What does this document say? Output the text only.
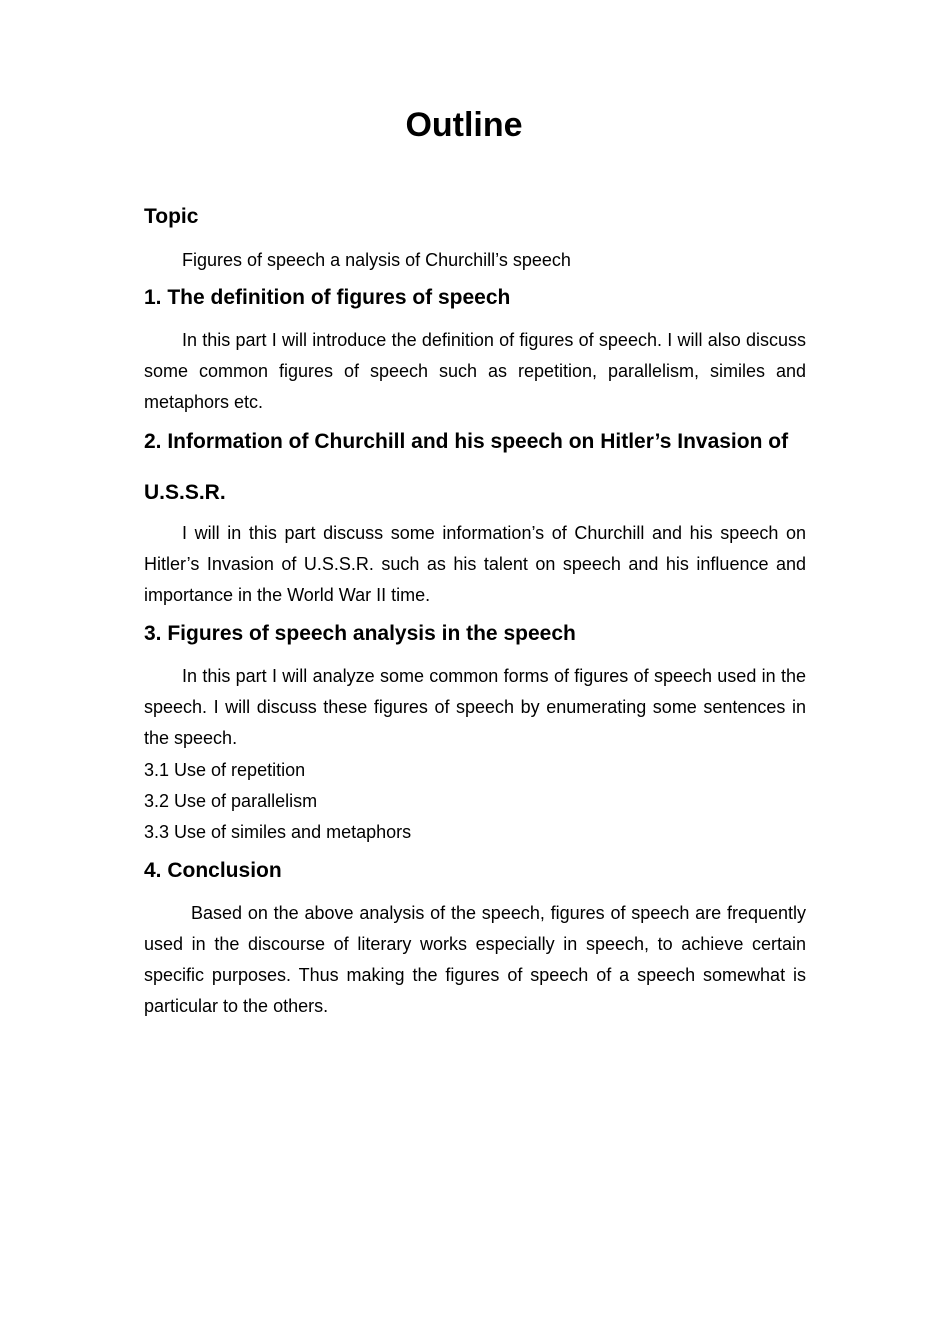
Outline
Topic

Figures of speech a nalysis of Churchill’s speech

1. The definition of figures of speech

In this part I will introduce the definition of figures of speech. I will also discuss some common figures of speech such as repetition, parallelism, similes and metaphors etc.

2. Information of Churchill and his speech on Hitler’s Invasion of U.S.S.R.

I will in this part discuss some information’s of Churchill and his speech on Hitler’s Invasion of U.S.S.R. such as his talent on speech and his influence and importance in the World War II time.

3. Figures of speech analysis in the speech

In this part I will analyze some common forms of figures of speech used in the speech. I will discuss these figures of speech by enumerating some sentences in the speech.

3.1 Use of repetition

3.2 Use of parallelism

3.3 Use of similes and metaphors

4. Conclusion

Based on the above analysis of the speech, figures of speech are frequently used in the discourse of literary works especially in speech, to achieve certain specific purposes. Thus making the figures of speech of a speech somewhat is particular to the others.
